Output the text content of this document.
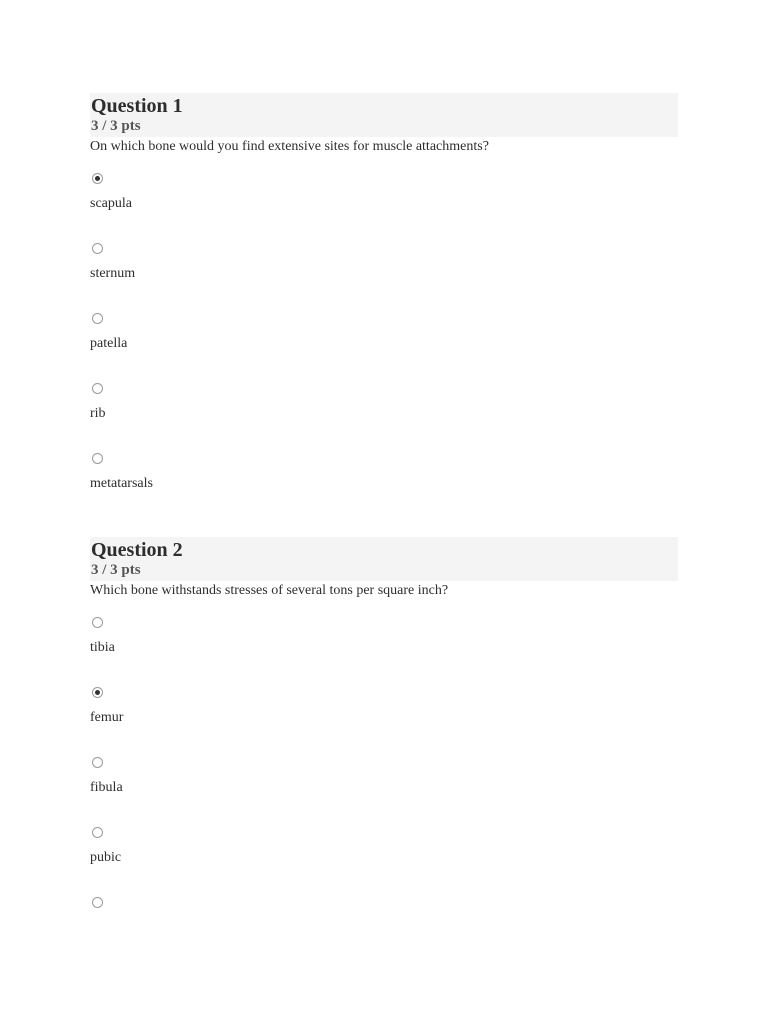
Question 1
3 / 3 pts
On which bone would you find extensive sites for muscle attachments?
scapula
sternum
patella
rib
metatarsals
Question 2
3 / 3 pts
Which bone withstands stresses of several tons per square inch?
tibia
femur
fibula
pubic
